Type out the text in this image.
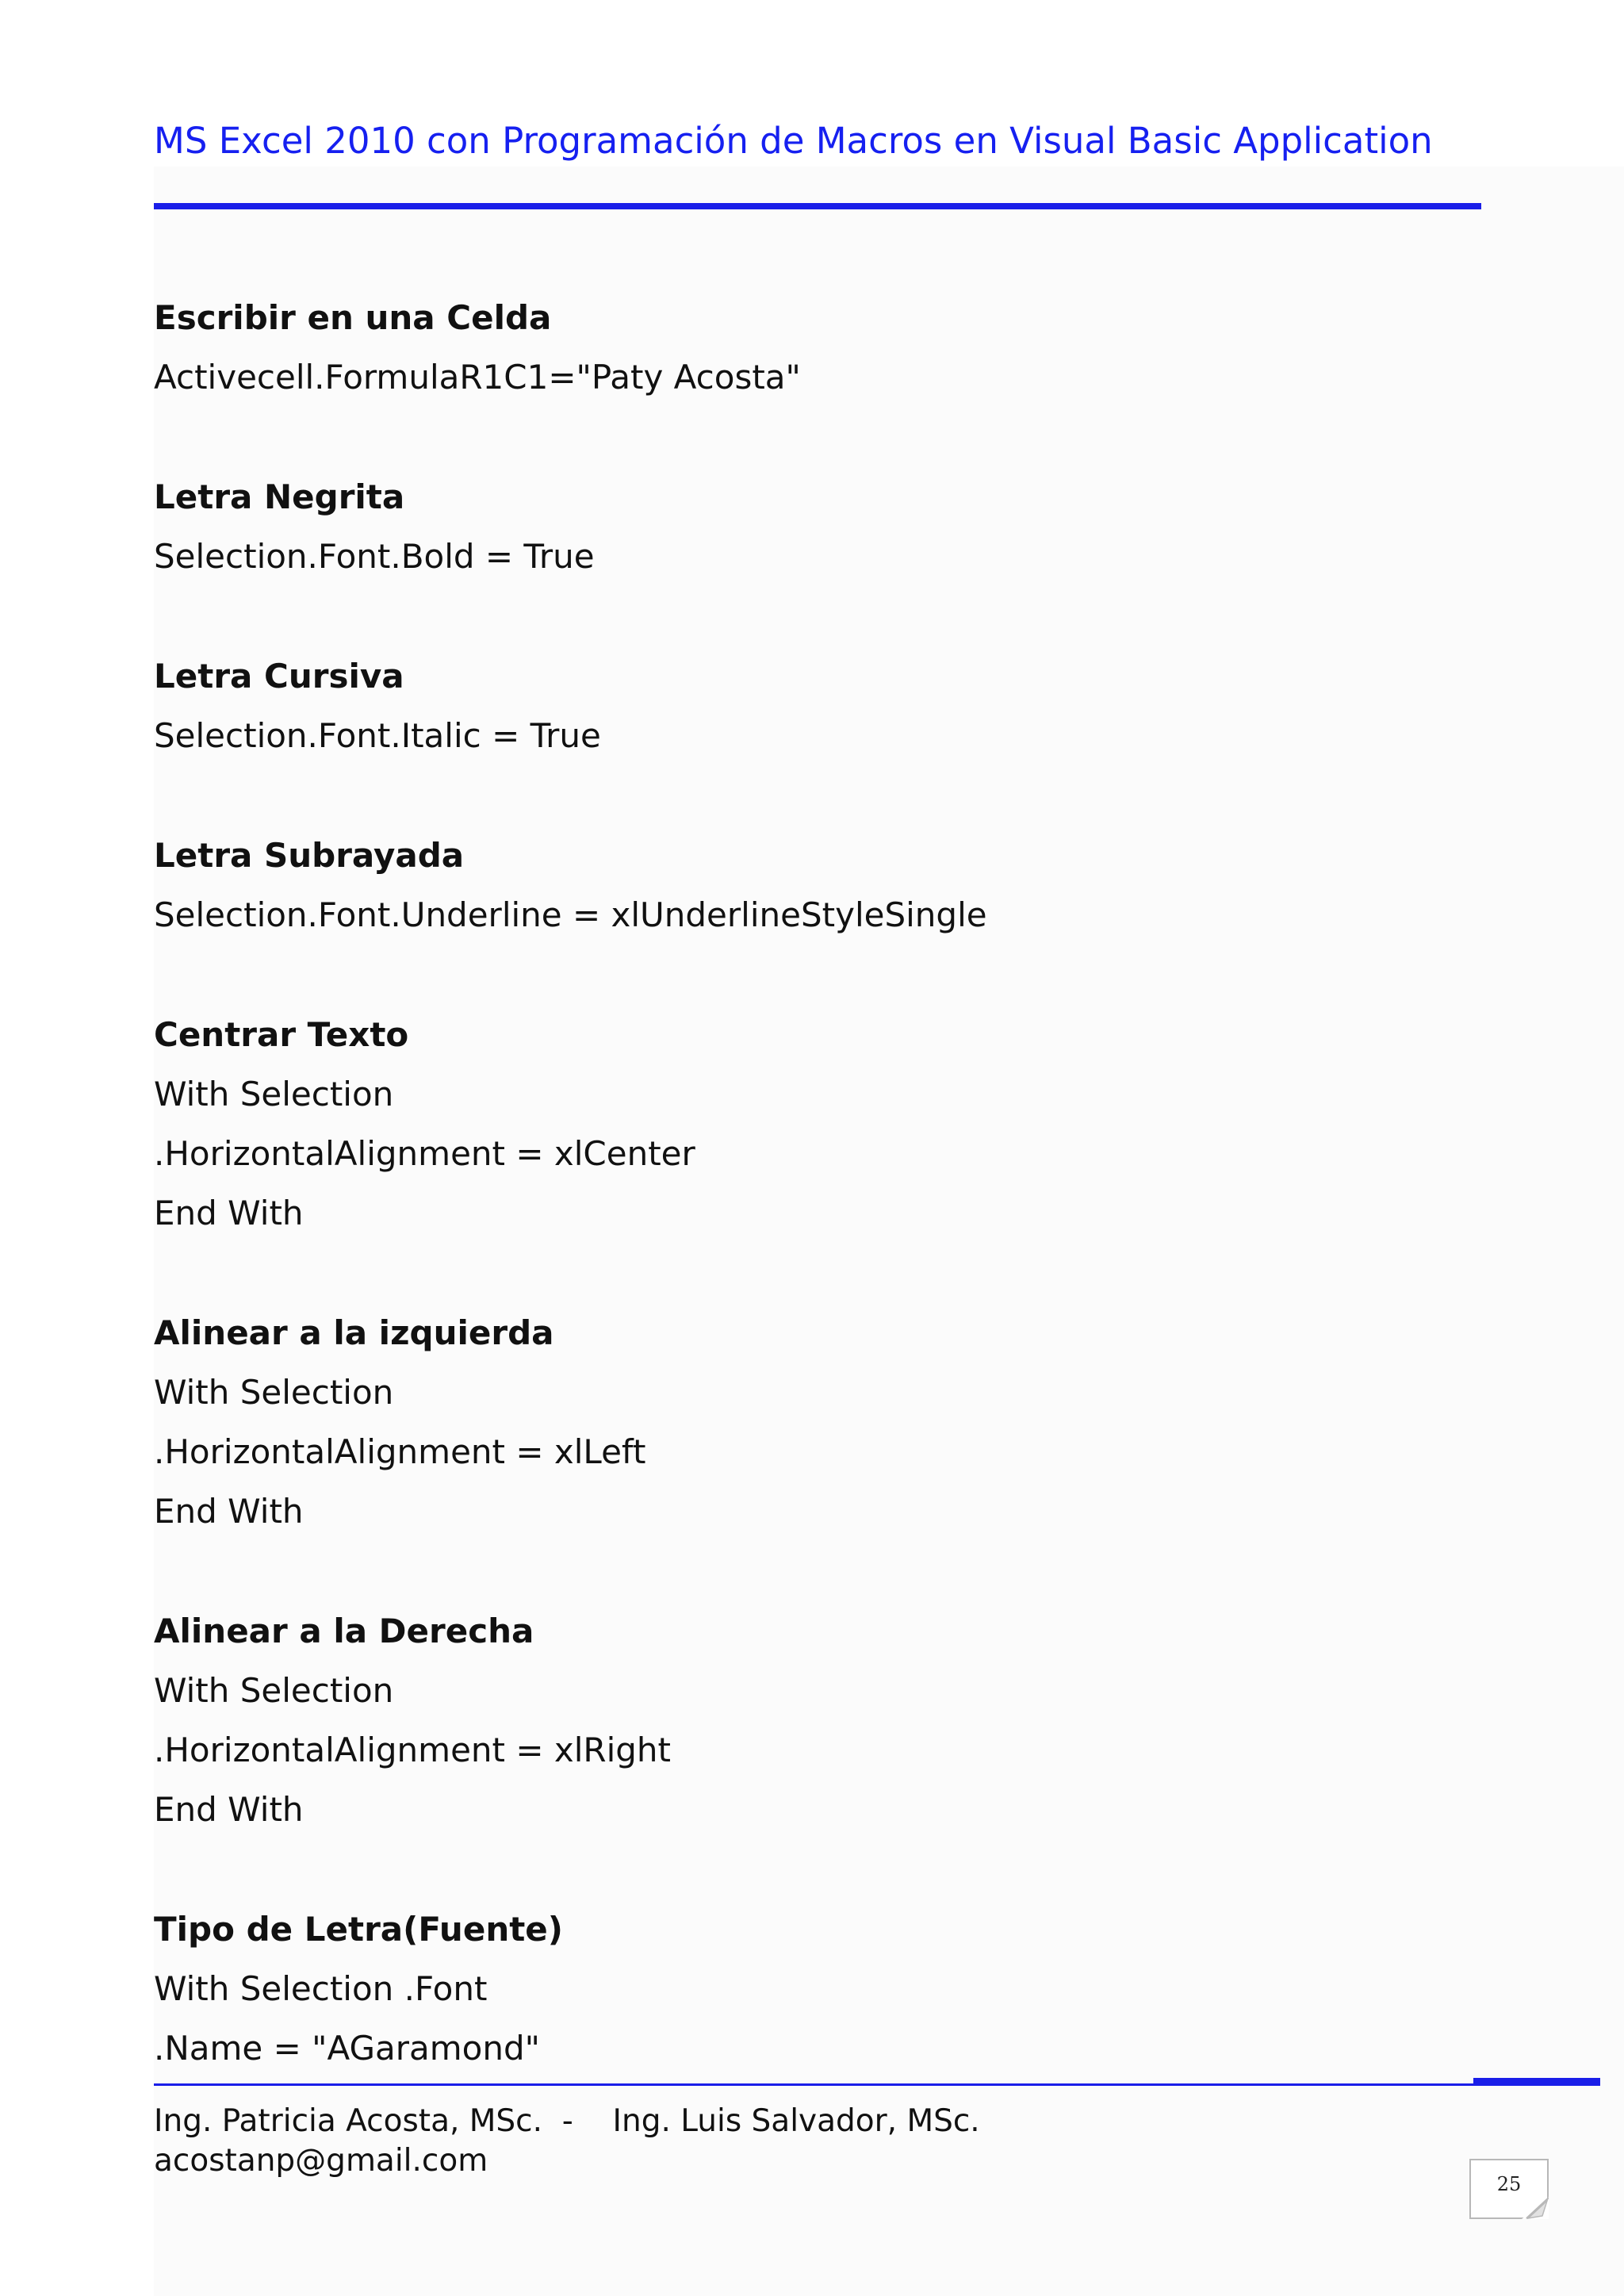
MS Excel 2010 con Programación de Macros en Visual Basic Application

Escribir en una Celda

Activecell.FormulaR1C1="Paty Acosta"

Letra Negrita

Selection.Font.Bold = True

Letra Cursiva

Selection.Font.Italic = True

Letra Subrayada

Selection.Font.Underline = xlUnderlineStyleSingle

Centrar Texto

With Selection

.HorizontalAlignment = xlCenter

End With

Alinear a la izquierda

With Selection

.HorizontalAlignment = xlLeft

End With

Alinear a la Derecha

With Selection

.HorizontalAlignment = xlRight

End With

Tipo de Letra(Fuente)

With Selection .Font

.Name = "AGaramond"

Ing. Patricia Acosta, MSc.  -    Ing. Luis Salvador, MSc.

acostanp@gmail.com

25
